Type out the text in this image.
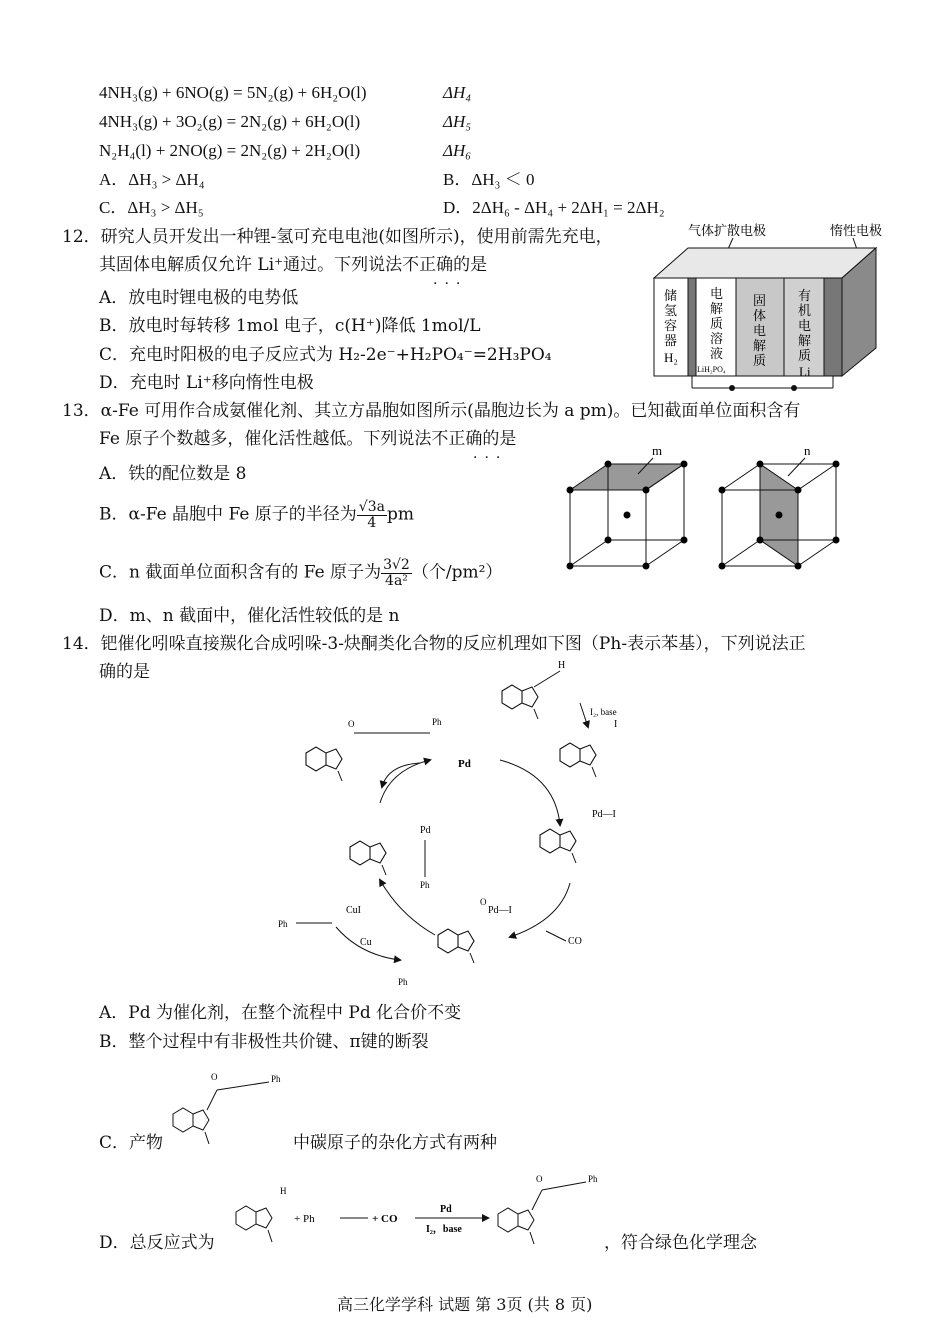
4NH₃(g) + 6NO(g) = 5N₂(g) + 6H₂O(l)	ΔH₄
4NH₃(g) + 3O₂(g) = 2N₂(g) + 6H₂O(l)	ΔH₅
N₂H₄(l) + 2NO(g) = 2N₂(g) + 2H₂O(l)	ΔH₆
A．ΔH₃ > ΔH₄	B．ΔH₃ ＜ 0
C．ΔH₃ > ΔH₅	D．2ΔH₆ - ΔH₄ + 2ΔH₁ = 2ΔH₂
12．研究人员开发出一种锂-氢可充电电池(如图所示)，使用前需先充电，
其固体电解质仅允许 Li⁺通过。下列说法不正确的是
···
A．放电时锂电极的电势低
B．放电时每转移 1mol 电子，c(H⁺)降低 1mol/L
C．充电时阳极的电子反应式为 H₂-2e⁻+H₂PO₄⁻=2H₃PO₄
D．充电时 Li⁺移向惰性电极
气体扩散电极	惰性电极
储氢容器 H₂
电解质溶液
LiH₂PO₄
固体电解质
有机电解质 Li
13．α-Fe 可用作合成氨催化剂、其立方晶胞如图所示(晶胞边长为 a pm)。已知截面单位面积含有
Fe 原子个数越多，催化活性越低。下列说法不正确的是
···
A．铁的配位数是 8
B．α-Fe 晶胞中 Fe 原子的半径为 $\frac{√3a}{4}$ pm
C．n 截面单位面积含有的 Fe 原子为 $\frac{3√2}{\text{4a²}}$ （个/pm²）
D．m、n 截面中，催化活性较低的是 n
m	n
14．钯催化吲哚直接羰化合成吲哚-3-炔酮类化合物的反应机理如下图（Ph-表示苯基），下列说法正
确的是
Pd
H
I₂, base
I
Pd—I
Pd—I
O
CO
Pd
Ph
O	Ph
Ph
CuI
Cu
Ph
A．Pd 为催化剂，在整个流程中 Pd 化合价不变
B．整个过程中有非极性共价键、π键的断裂
O	Ph
C．产物	中碳原子的杂化方式有两种
H
+ Ph	+ CO
Pd
I₂，base
O	Ph
D．总反应式为	，符合绿色化学理念
高三化学学科 试题 第 3页 (共 8 页)
